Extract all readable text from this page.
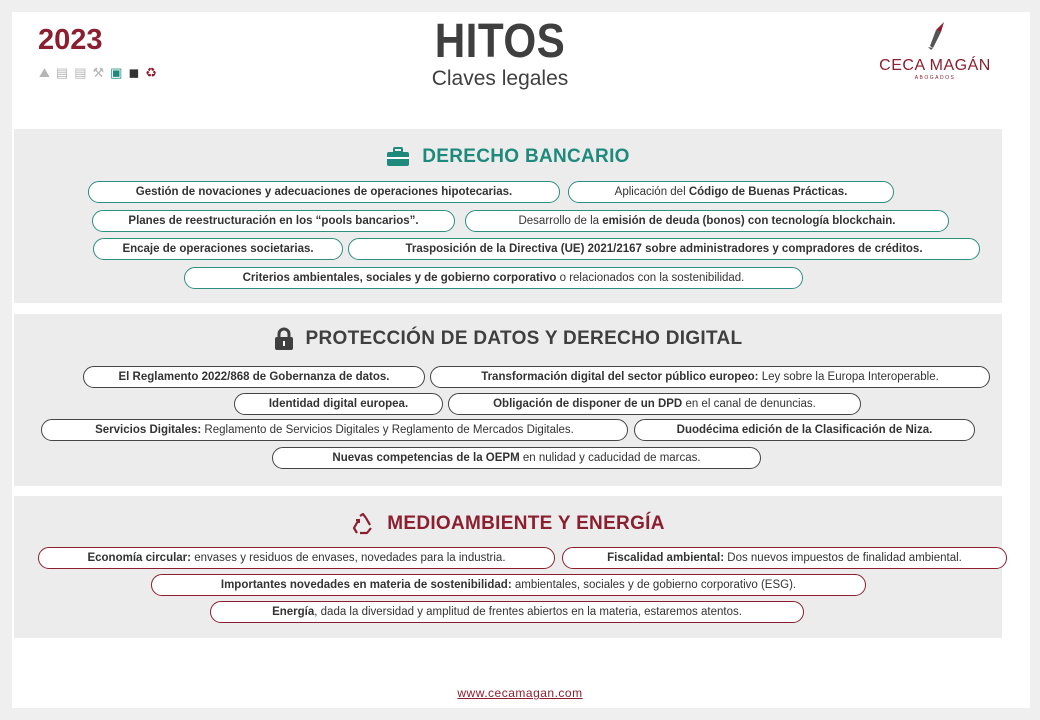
2023
⛰ ▤ ▤ ⚒ ▣ ◼ ♻
HITOS
Claves legales
CECA MAGÁN
ABOGADOS
DERECHO BANCARIO
Gestión de novaciones y adecuaciones de operaciones hipotecarias.	Aplicación del Código de Buenas Prácticas.
Planes de reestructuración en los “pools bancarios”.	Desarrollo de la emisión de deuda (bonos) con tecnología blockchain.
Encaje de operaciones societarias.	Trasposición de la Directiva (UE) 2021/2167 sobre administradores y compradores de créditos.
Criterios ambientales, sociales y de gobierno corporativo o relacionados con la sostenibilidad.
PROTECCIÓN DE DATOS Y DERECHO DIGITAL
El Reglamento 2022/868 de Gobernanza de datos.	Transformación digital del sector público europeo: Ley sobre la Europa Interoperable.
Identidad digital europea.	Obligación de disponer de un DPD en el canal de denuncias.
Servicios Digitales: Reglamento de Servicios Digitales y Reglamento de Mercados Digitales.	Duodécima edición de la Clasificación de Niza.
Nuevas competencias de la OEPM en nulidad y caducidad de marcas.
MEDIOAMBIENTE Y ENERGÍA
Economía circular: envases y residuos de envases, novedades para la industria.	Fiscalidad ambiental: Dos nuevos impuestos de finalidad ambiental.
Importantes novedades en materia de sostenibilidad: ambientales, sociales y de gobierno corporativo (ESG).
Energía, dada la diversidad y amplitud de frentes abiertos en la materia, estaremos atentos.
www.cecamagan.com
